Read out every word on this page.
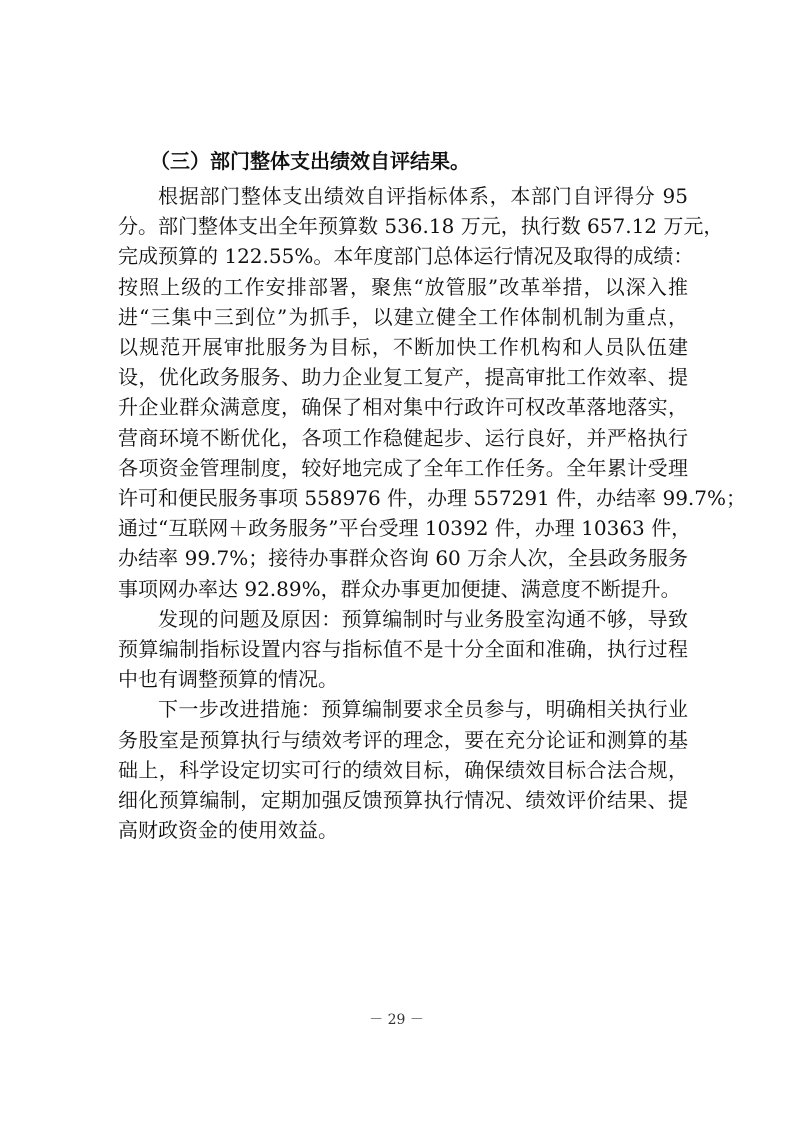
（三）部门整体支出绩效自评结果。
根据部门整体支出绩效自评指标体系，本部门自评得分 95
分。部门整体支出全年预算数 536.18 万元，执行数 657.12 万元，
完成预算的 122.55%。本年度部门总体运行情况及取得的成绩：
按照上级的工作安排部署，聚焦“放管服”改革举措，以深入推
进“三集中三到位”为抓手，以建立健全工作体制机制为重点，
以规范开展审批服务为目标，不断加快工作机构和人员队伍建
设，优化政务服务、助力企业复工复产，提高审批工作效率、提
升企业群众满意度，确保了相对集中行政许可权改革落地落实，
营商环境不断优化，各项工作稳健起步、运行良好，并严格执行
各项资金管理制度，较好地完成了全年工作任务。全年累计受理
许可和便民服务事项 558976 件，办理 557291 件，办结率 99.7%；
通过“互联网＋政务服务”平台受理 10392 件，办理 10363 件，
办结率 99.7%；接待办事群众咨询 60 万余人次，全县政务服务
事项网办率达 92.89%，群众办事更加便捷、满意度不断提升。
发现的问题及原因：预算编制时与业务股室沟通不够，导致
预算编制指标设置内容与指标值不是十分全面和准确，执行过程
中也有调整预算的情况。
下一步改进措施：预算编制要求全员参与，明确相关执行业
务股室是预算执行与绩效考评的理念，要在充分论证和测算的基
础上，科学设定切实可行的绩效目标，确保绩效目标合法合规，
细化预算编制，定期加强反馈预算执行情况、绩效评价结果、提
高财政资金的使用效益。
－ 29 －
